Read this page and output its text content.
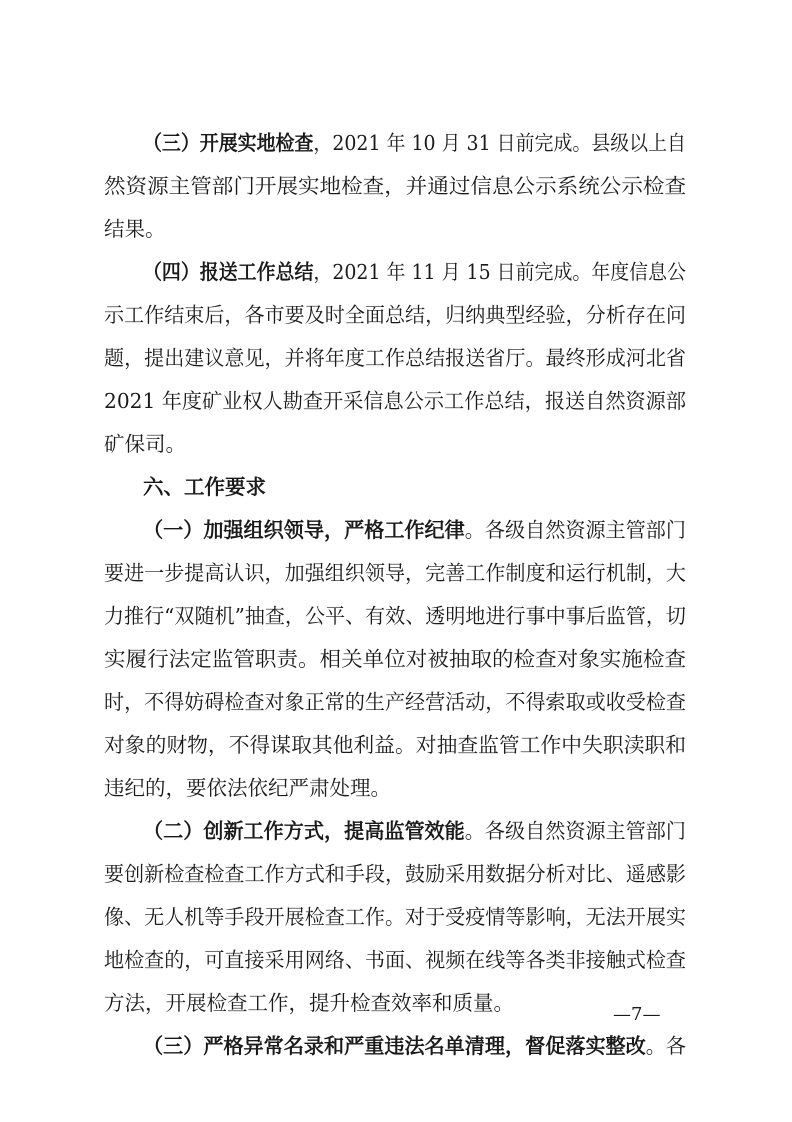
（三）开展实地检查，2021 年 10 月 31 日前完成。县级以上自
然资源主管部门开展实地检查，并通过信息公示系统公示检查
结果。
（四）报送工作总结，2021 年 11 月 15 日前完成。年度信息公
示工作结束后，各市要及时全面总结，归纳典型经验，分析存在问
题，提出建议意见，并将年度工作总结报送省厅。最终形成河北省
2021 年度矿业权人勘查开采信息公示工作总结，报送自然资源部
矿保司。
六、工作要求
（一）加强组织领导，严格工作纪律。各级自然资源主管部门
要进一步提高认识，加强组织领导，完善工作制度和运行机制，大
力推行“双随机”抽查，公平、有效、透明地进行事中事后监管，切
实履行法定监管职责。相关单位对被抽取的检查对象实施检查
时，不得妨碍检查对象正常的生产经营活动，不得索取或收受检查
对象的财物，不得谋取其他利益。对抽查监管工作中失职渎职和
违纪的，要依法依纪严肃处理。
（二）创新工作方式，提高监管效能。各级自然资源主管部门
要创新检查检查工作方式和手段，鼓励采用数据分析对比、遥感影
像、无人机等手段开展检查工作。对于受疫情等影响，无法开展实
地检查的，可直接采用网络、书面、视频在线等各类非接触式检查
方法，开展检查工作，提升检查效率和质量。
（三）严格异常名录和严重违法名单清理，督促落实整改。各
—7—
